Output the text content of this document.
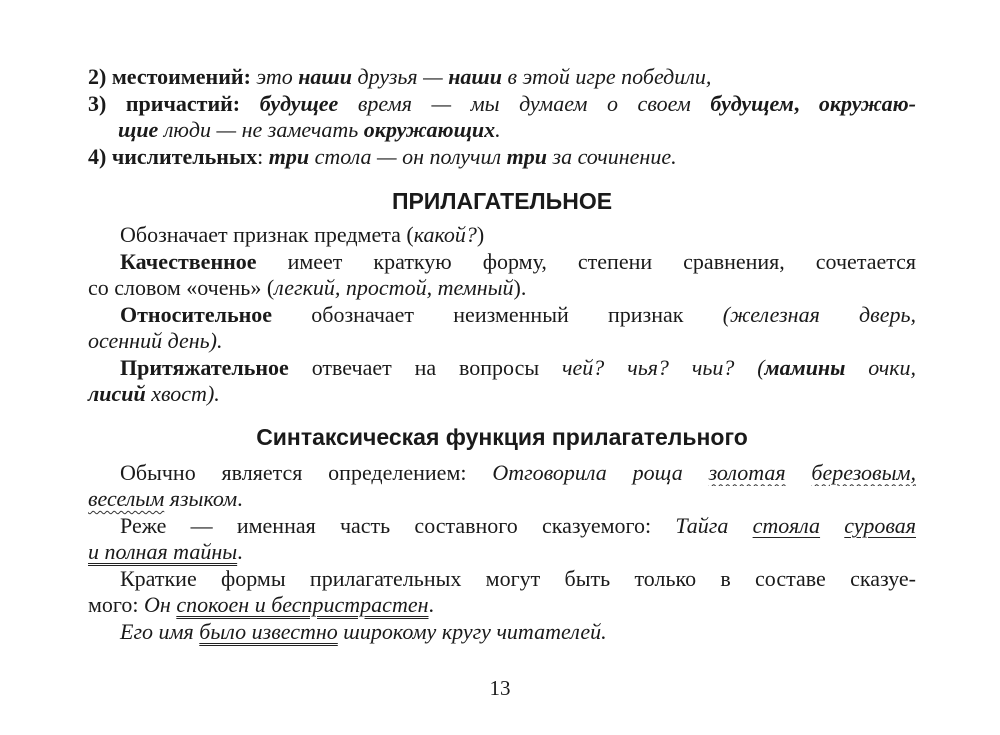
2) местоимений: это наши друзья — наши в этой игре победили,
3) причастий: будущее время — мы думаем о своем будущем, окружаю-
щие люди — не замечать окружающих.
4) числительных: три стола — он получил три за сочинение.
ПРИЛАГАТЕЛЬНОЕ
Обозначает признак предмета (какой?)
Качественное имеет краткую форму, степени сравнения, сочетается
со словом «очень» (легкий, простой, темный).
Относительное обозначает неизменный признак (железная дверь,
осенний день).
Притяжательное отвечает на вопросы чей? чья? чьи? (мамины очки,
лисий хвост).
Синтаксическая функция прилагательного
Обычно является определением: Отговорила роща золотая березовым,
веселым языком.
Реже — именная часть составного сказуемого: Тайга стояла суровая
и полная тайны.
Краткие формы прилагательных могут быть только в составе сказуе-
мого: Он спокоен и беспристрастен.
Его имя было известно широкому кругу читателей.
13
